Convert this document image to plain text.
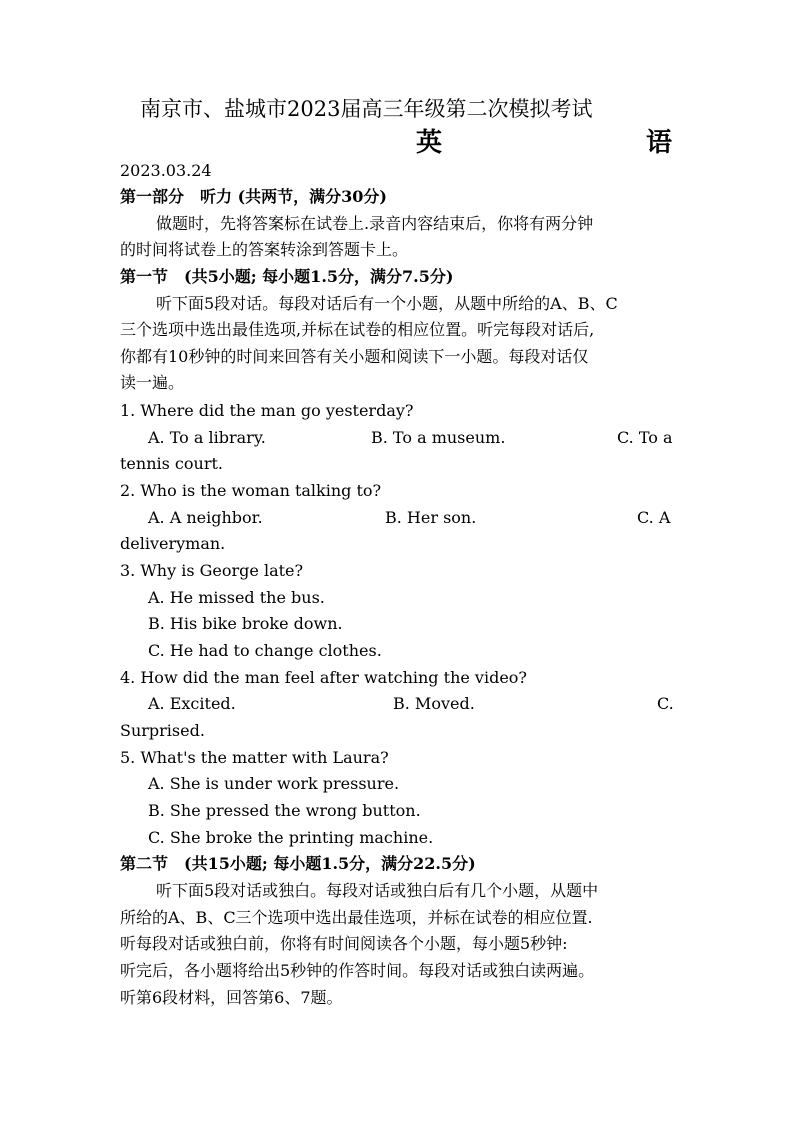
南京市、盐城市2023届高三年级第二次模拟考试
英	语
2023.03.24
第一部分　听力 (共两节，满分30分)
做题时，先将答案标在试卷上.录音内容结束后，你将有两分钟
的时间将试卷上的答案转涂到答题卡上。
第一节　(共5小题; 每小题1.5分，满分7.5分)
听下面5段对话。每段对话后有一个小题，从题中所给的A、B、C
三个选项中选出最佳选项,并标在试卷的相应位置。听完每段对话后,
你都有10秒钟的时间来回答有关小题和阅读下一小题。每段对话仅
读一遍。
1. Where did the man go yesterday?
A. To a library.	B. To a museum.	C. To a
tennis court.
2. Who is the woman talking to?
A. A neighbor.	B. Her son.	C. A
deliveryman.
3. Why is George late?
A. He missed the bus.
B. His bike broke down.
C. He had to change clothes.
4. How did the man feel after watching the video?
A. Excited.	B. Moved.	C.
Surprised.
5. What's the matter with Laura?
A. She is under work pressure.
B. She pressed the wrong button.
C. She broke the printing machine.
第二节　(共15小题; 每小题1.5分，满分22.5分)
听下面5段对话或独白。每段对话或独白后有几个小题，从题中
所给的A、B、C三个选项中选出最佳选项，并标在试卷的相应位置.
听每段对话或独白前，你将有时间阅读各个小题，每小题5秒钟:
听完后，各小题将给出5秒钟的作答时间。每段对话或独白读两遍。
听第6段材料，回答第6、7题。
